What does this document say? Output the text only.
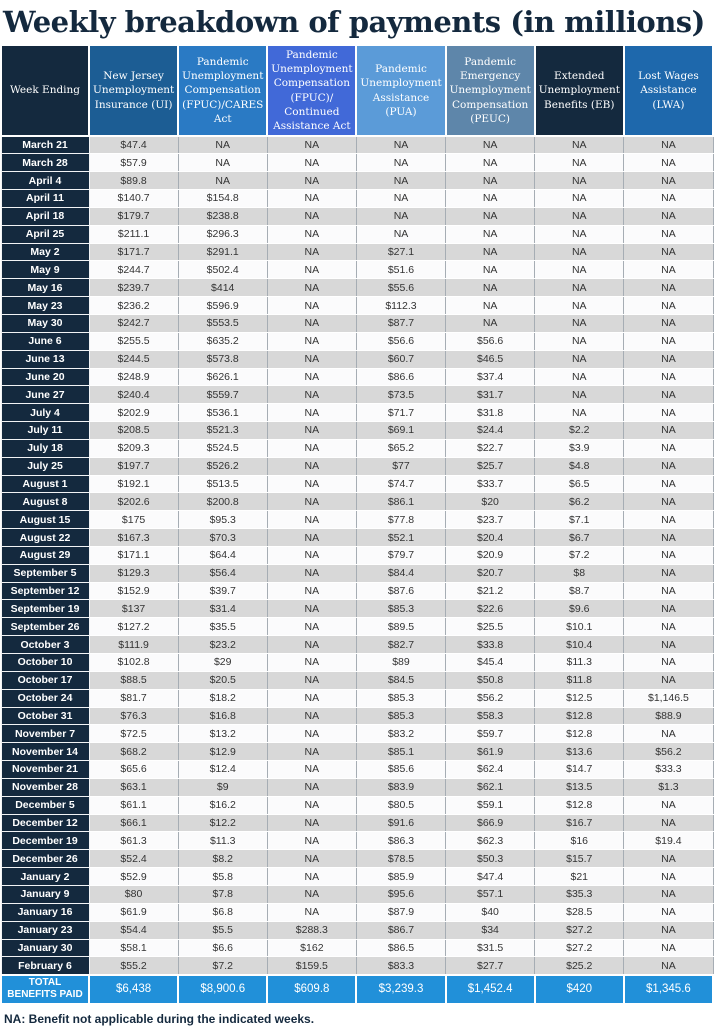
Weekly breakdown of payments (in millions)
Week Ending	New Jersey Unemployment Insurance (UI)	Pandemic Unemployment Compensation (FPUC)/CARES Act	Pandemic Unemployment Compensation (FPUC)/ Continued Assistance Act	Pandemic Unemployment Assistance (PUA)	Pandemic Emergency Unemployment Compensation (PEUC)	Extended Unemployment Benefits (EB)	Lost Wages Assistance (LWA)
March 21	$47.4	NA	NA	NA	NA	NA	NA
March 28	$57.9	NA	NA	NA	NA	NA	NA
April 4	$89.8	NA	NA	NA	NA	NA	NA
April 11	$140.7	$154.8	NA	NA	NA	NA	NA
April 18	$179.7	$238.8	NA	NA	NA	NA	NA
April 25	$211.1	$296.3	NA	NA	NA	NA	NA
May 2	$171.7	$291.1	NA	$27.1	NA	NA	NA
May 9	$244.7	$502.4	NA	$51.6	NA	NA	NA
May 16	$239.7	$414	NA	$55.6	NA	NA	NA
May 23	$236.2	$596.9	NA	$112.3	NA	NA	NA
May 30	$242.7	$553.5	NA	$87.7	NA	NA	NA
June 6	$255.5	$635.2	NA	$56.6	$56.6	NA	NA
June 13	$244.5	$573.8	NA	$60.7	$46.5	NA	NA
June 20	$248.9	$626.1	NA	$86.6	$37.4	NA	NA
June 27	$240.4	$559.7	NA	$73.5	$31.7	NA	NA
July 4	$202.9	$536.1	NA	$71.7	$31.8	NA	NA
July 11	$208.5	$521.3	NA	$69.1	$24.4	$2.2	NA
July 18	$209.3	$524.5	NA	$65.2	$22.7	$3.9	NA
July 25	$197.7	$526.2	NA	$77	$25.7	$4.8	NA
August 1	$192.1	$513.5	NA	$74.7	$33.7	$6.5	NA
August 8	$202.6	$200.8	NA	$86.1	$20	$6.2	NA
August 15	$175	$95.3	NA	$77.8	$23.7	$7.1	NA
August 22	$167.3	$70.3	NA	$52.1	$20.4	$6.7	NA
August 29	$171.1	$64.4	NA	$79.7	$20.9	$7.2	NA
September 5	$129.3	$56.4	NA	$84.4	$20.7	$8	NA
September 12	$152.9	$39.7	NA	$87.6	$21.2	$8.7	NA
September 19	$137	$31.4	NA	$85.3	$22.6	$9.6	NA
September 26	$127.2	$35.5	NA	$89.5	$25.5	$10.1	NA
October 3	$111.9	$23.2	NA	$82.7	$33.8	$10.4	NA
October 10	$102.8	$29	NA	$89	$45.4	$11.3	NA
October 17	$88.5	$20.5	NA	$84.5	$50.8	$11.8	NA
October 24	$81.7	$18.2	NA	$85.3	$56.2	$12.5	$1,146.5
October 31	$76.3	$16.8	NA	$85.3	$58.3	$12.8	$88.9
November 7	$72.5	$13.2	NA	$83.2	$59.7	$12.8	NA
November 14	$68.2	$12.9	NA	$85.1	$61.9	$13.6	$56.2
November 21	$65.6	$12.4	NA	$85.6	$62.4	$14.7	$33.3
November 28	$63.1	$9	NA	$83.9	$62.1	$13.5	$1.3
December 5	$61.1	$16.2	NA	$80.5	$59.1	$12.8	NA
December 12	$66.1	$12.2	NA	$91.6	$66.9	$16.7	NA
December 19	$61.3	$11.3	NA	$86.3	$62.3	$16	$19.4
December 26	$52.4	$8.2	NA	$78.5	$50.3	$15.7	NA
January 2	$52.9	$5.8	NA	$85.9	$47.4	$21	NA
January 9	$80	$7.8	NA	$95.6	$57.1	$35.3	NA
January 16	$61.9	$6.8	NA	$87.9	$40	$28.5	NA
January 23	$54.4	$5.5	$288.3	$86.7	$34	$27.2	NA
January 30	$58.1	$6.6	$162	$86.5	$31.5	$27.2	NA
February 6	$55.2	$7.2	$159.5	$83.3	$27.7	$25.2	NA
TOTAL BENEFITS PAID	$6,438	$8,900.6	$609.8	$3,239.3	$1,452.4	$420	$1,345.6
NA: Benefit not applicable during the indicated weeks.
